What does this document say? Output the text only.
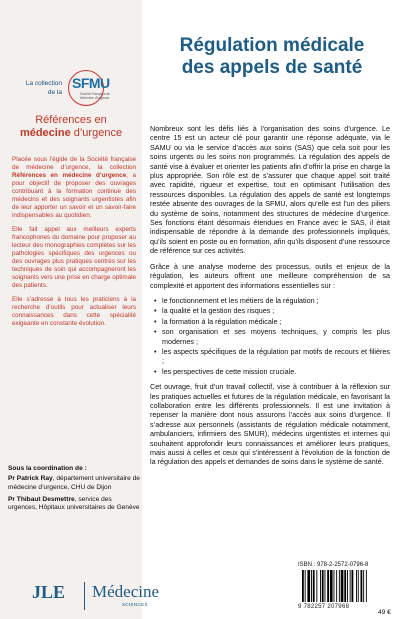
La collection de la
SFMU
Société Française de Médecine d’Urgence
Références en
médecine d’urgence

Placée sous l’égide de la Société française de médecine d’urgence, la collection Références en médecine d’urgence, a pour objectif de proposer des ouvrages contribuant à la formation continue des médecins et des soignants urgentistes afin de leur apporter un savoir et un savoir-faire indispensables au quotidien.

Elle fait appel aux meilleurs experts francophones du domaine pour proposer au lecteur des monographies complètes sur les pathologies spécifiques des urgences ou des ouvrages plus pratiques centrés sur les techniques de soin qui accompagneront les soignants vers une prise en charge optimale des patients.

Elle s’adresse à tous les praticiens à la recherche d’outils pour actualiser leurs connaissances dans cette spécialité exigeante en constante évolution.

Sous la coordination de :
Pr Patrick Ray, département universitaire de médecine d’urgence, CHU de Dijon
Pr Thibaut Desmettre, service des urgences, Hôpitaux universitaires de Genève
Régulation médicale
des appels de santé

Nombreux sont les défis liés à l’organisation des soins d’urgence. Le centre 15 est un acteur clé pour garantir une réponse adéquate, via le SAMU ou via le service d’accès aux soins (SAS) que cela soit pour les soins urgents ou les soins non programmés. La régulation des appels de santé vise à évaluer et orienter les patients afin d’offrir la prise en charge la plus appropriée. Son rôle est de s’assurer que chaque appel soit traité avec rapidité, rigueur et expertise, tout en optimisant l’utilisation des ressources disponibles. La régulation des appels de santé est longtemps restée absente des ouvrages de la SFMU, alors qu’elle est l’un des piliers du système de soins, notamment des structures de médecine d’urgence. Ses fonctions étant désormais étendues en France avec le SAS, il était indispensable de répondre à la demande des professionnels impliqués, qu’ils soient en poste ou en formation, afin qu’ils disposent d’une ressource de référence sur ces activités.

Grâce à une analyse moderne des processus, outils et enjeux de la régulation, les auteurs offrent une meilleure compréhension de sa complexité et apportent des informations essentielles sur :

• le fonctionnement et les métiers de la régulation ;
• la qualité et la gestion des risques ;
• la formation à la régulation médicale ;
• son organisation et ses moyens techniques, y compris les plus modernes ;
• les aspects spécifiques de la régulation par motifs de recours et filières ;
• les perspectives de cette mission cruciale.

Cet ouvrage, fruit d’un travail collectif, vise à contribuer à la réflexion sur les pratiques actuelles et futures de la régulation médicale, en favorisant la collaboration entre les différents professionnels. Il est une invitation à repenser la manière dont nous assurons l’accès aux soins d’urgence. Il s’adresse aux personnels (assistants de régulation médicale notamment, ambulanciers, infirmiers des SMUR), médecins urgentistes et internes qui souhaitent approfondir leurs connaissances et améliorer leurs pratiques, mais aussi à celles et ceux qui s’intéressent à l’évolution de la fonction de la régulation des appels et demandes de soins dans le système de santé.

JLE	Médecine
SCIENCES
ISBN : 978-2-2572-0796-8
9 782257 207968
49 €
